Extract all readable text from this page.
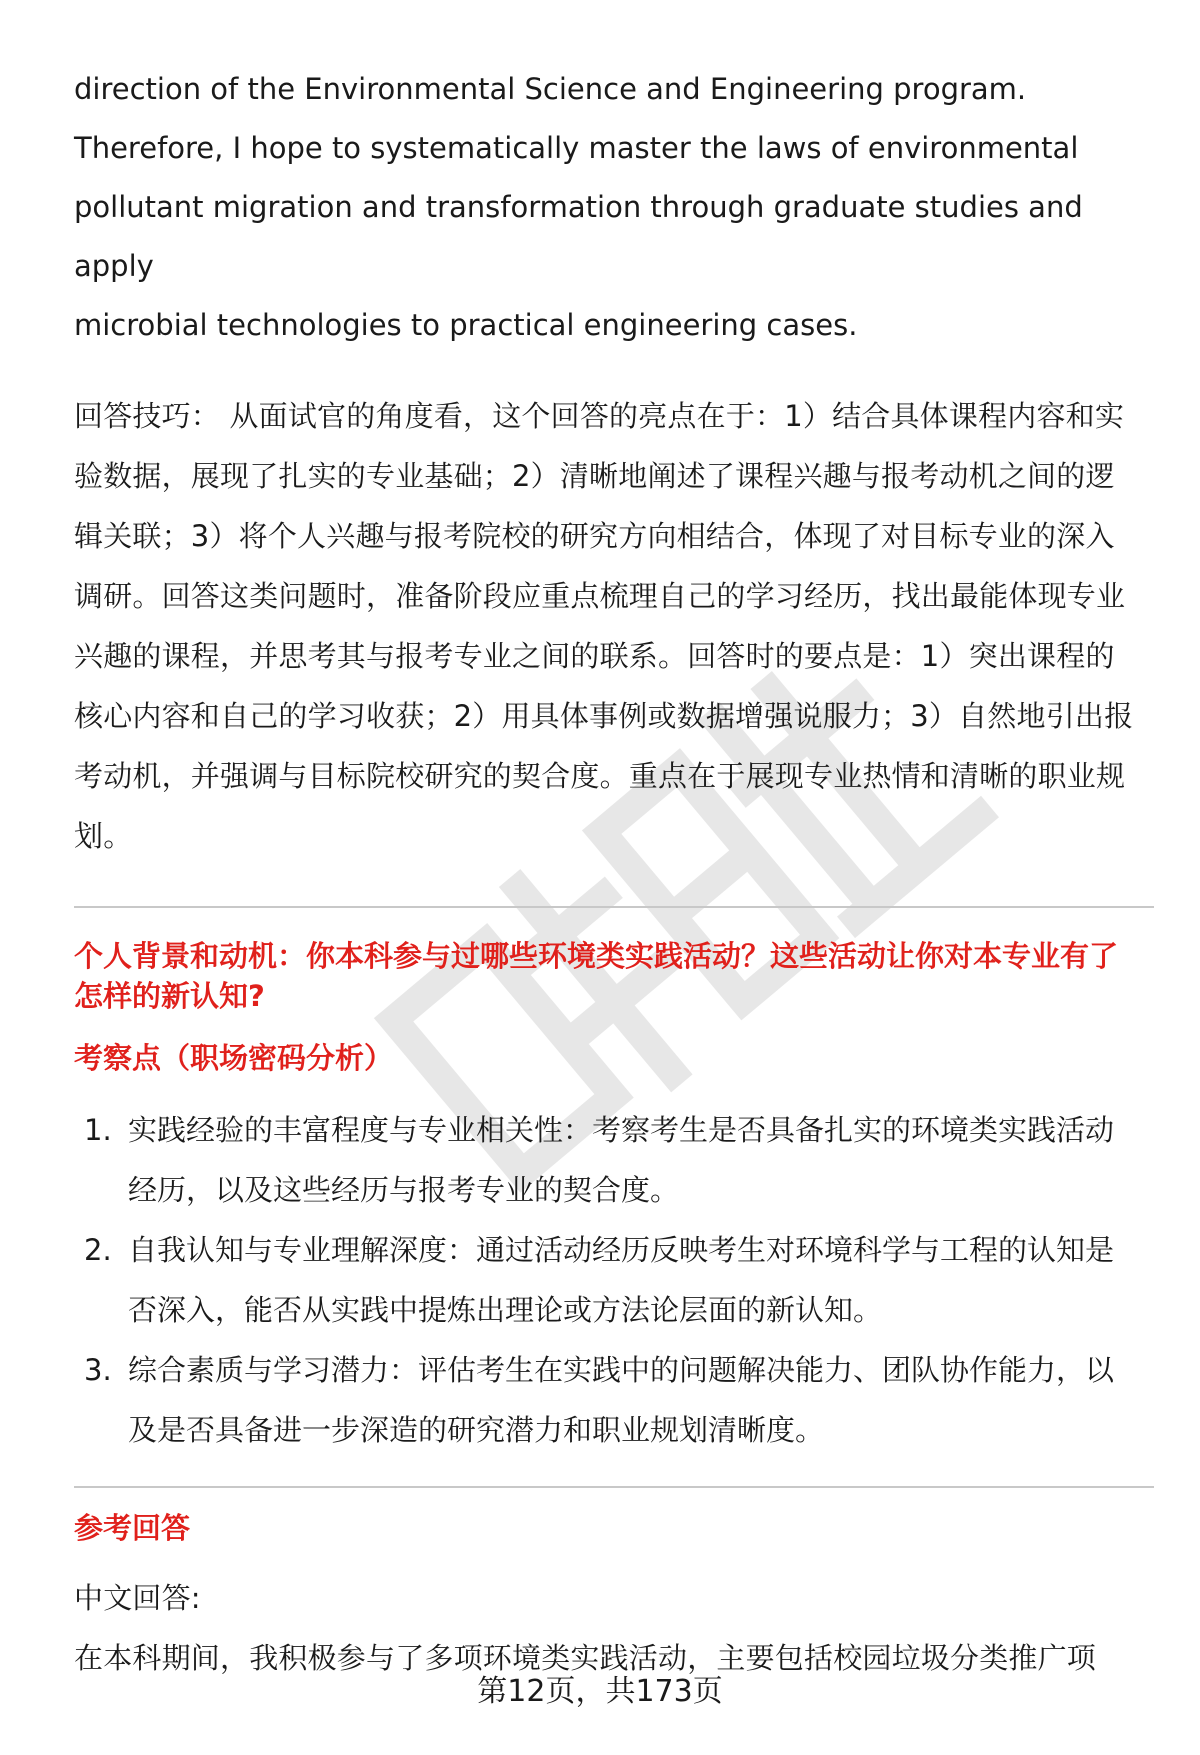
direction of the Environmental Science and Engineering program.

Therefore, I hope to systematically master the laws of environmental

pollutant migration and transformation through graduate studies and apply

microbial technologies to practical engineering cases.

回答技巧： 从面试官的角度看，这个回答的亮点在于：1）结合具体课程内容和实

验数据，展现了扎实的专业基础；2）清晰地阐述了课程兴趣与报考动机之间的逻

辑关联；3）将个人兴趣与报考院校的研究方向相结合，体现了对目标专业的深入

调研。回答这类问题时，准备阶段应重点梳理自己的学习经历，找出最能体现专业

兴趣的课程，并思考其与报考专业之间的联系。回答时的要点是：1）突出课程的

核心内容和自己的学习收获；2）用具体事例或数据增强说服力；3）自然地引出报

考动机，并强调与目标院校研究的契合度。重点在于展现专业热情和清晰的职业规

划。

个人背景和动机：你本科参与过哪些环境类实践活动？这些活动让你对本专业有了

怎样的新认知?

考察点（职场密码分析）

1. 实践经验的丰富程度与专业相关性：考察考生是否具备扎实的环境类实践活动
经历，以及这些经历与报考专业的契合度。
2. 自我认知与专业理解深度：通过活动经历反映考生对环境科学与工程的认知是
否深入，能否从实践中提炼出理论或方法论层面的新认知。
3. 综合素质与学习潜力：评估考生在实践中的问题解决能力、团队协作能力，以
及是否具备进一步深造的研究潜力和职业规划清晰度。

参考回答

中文回答:

在本科期间，我积极参与了多项环境类实践活动，主要包括校园垃圾分类推广项

第12页，共173页
